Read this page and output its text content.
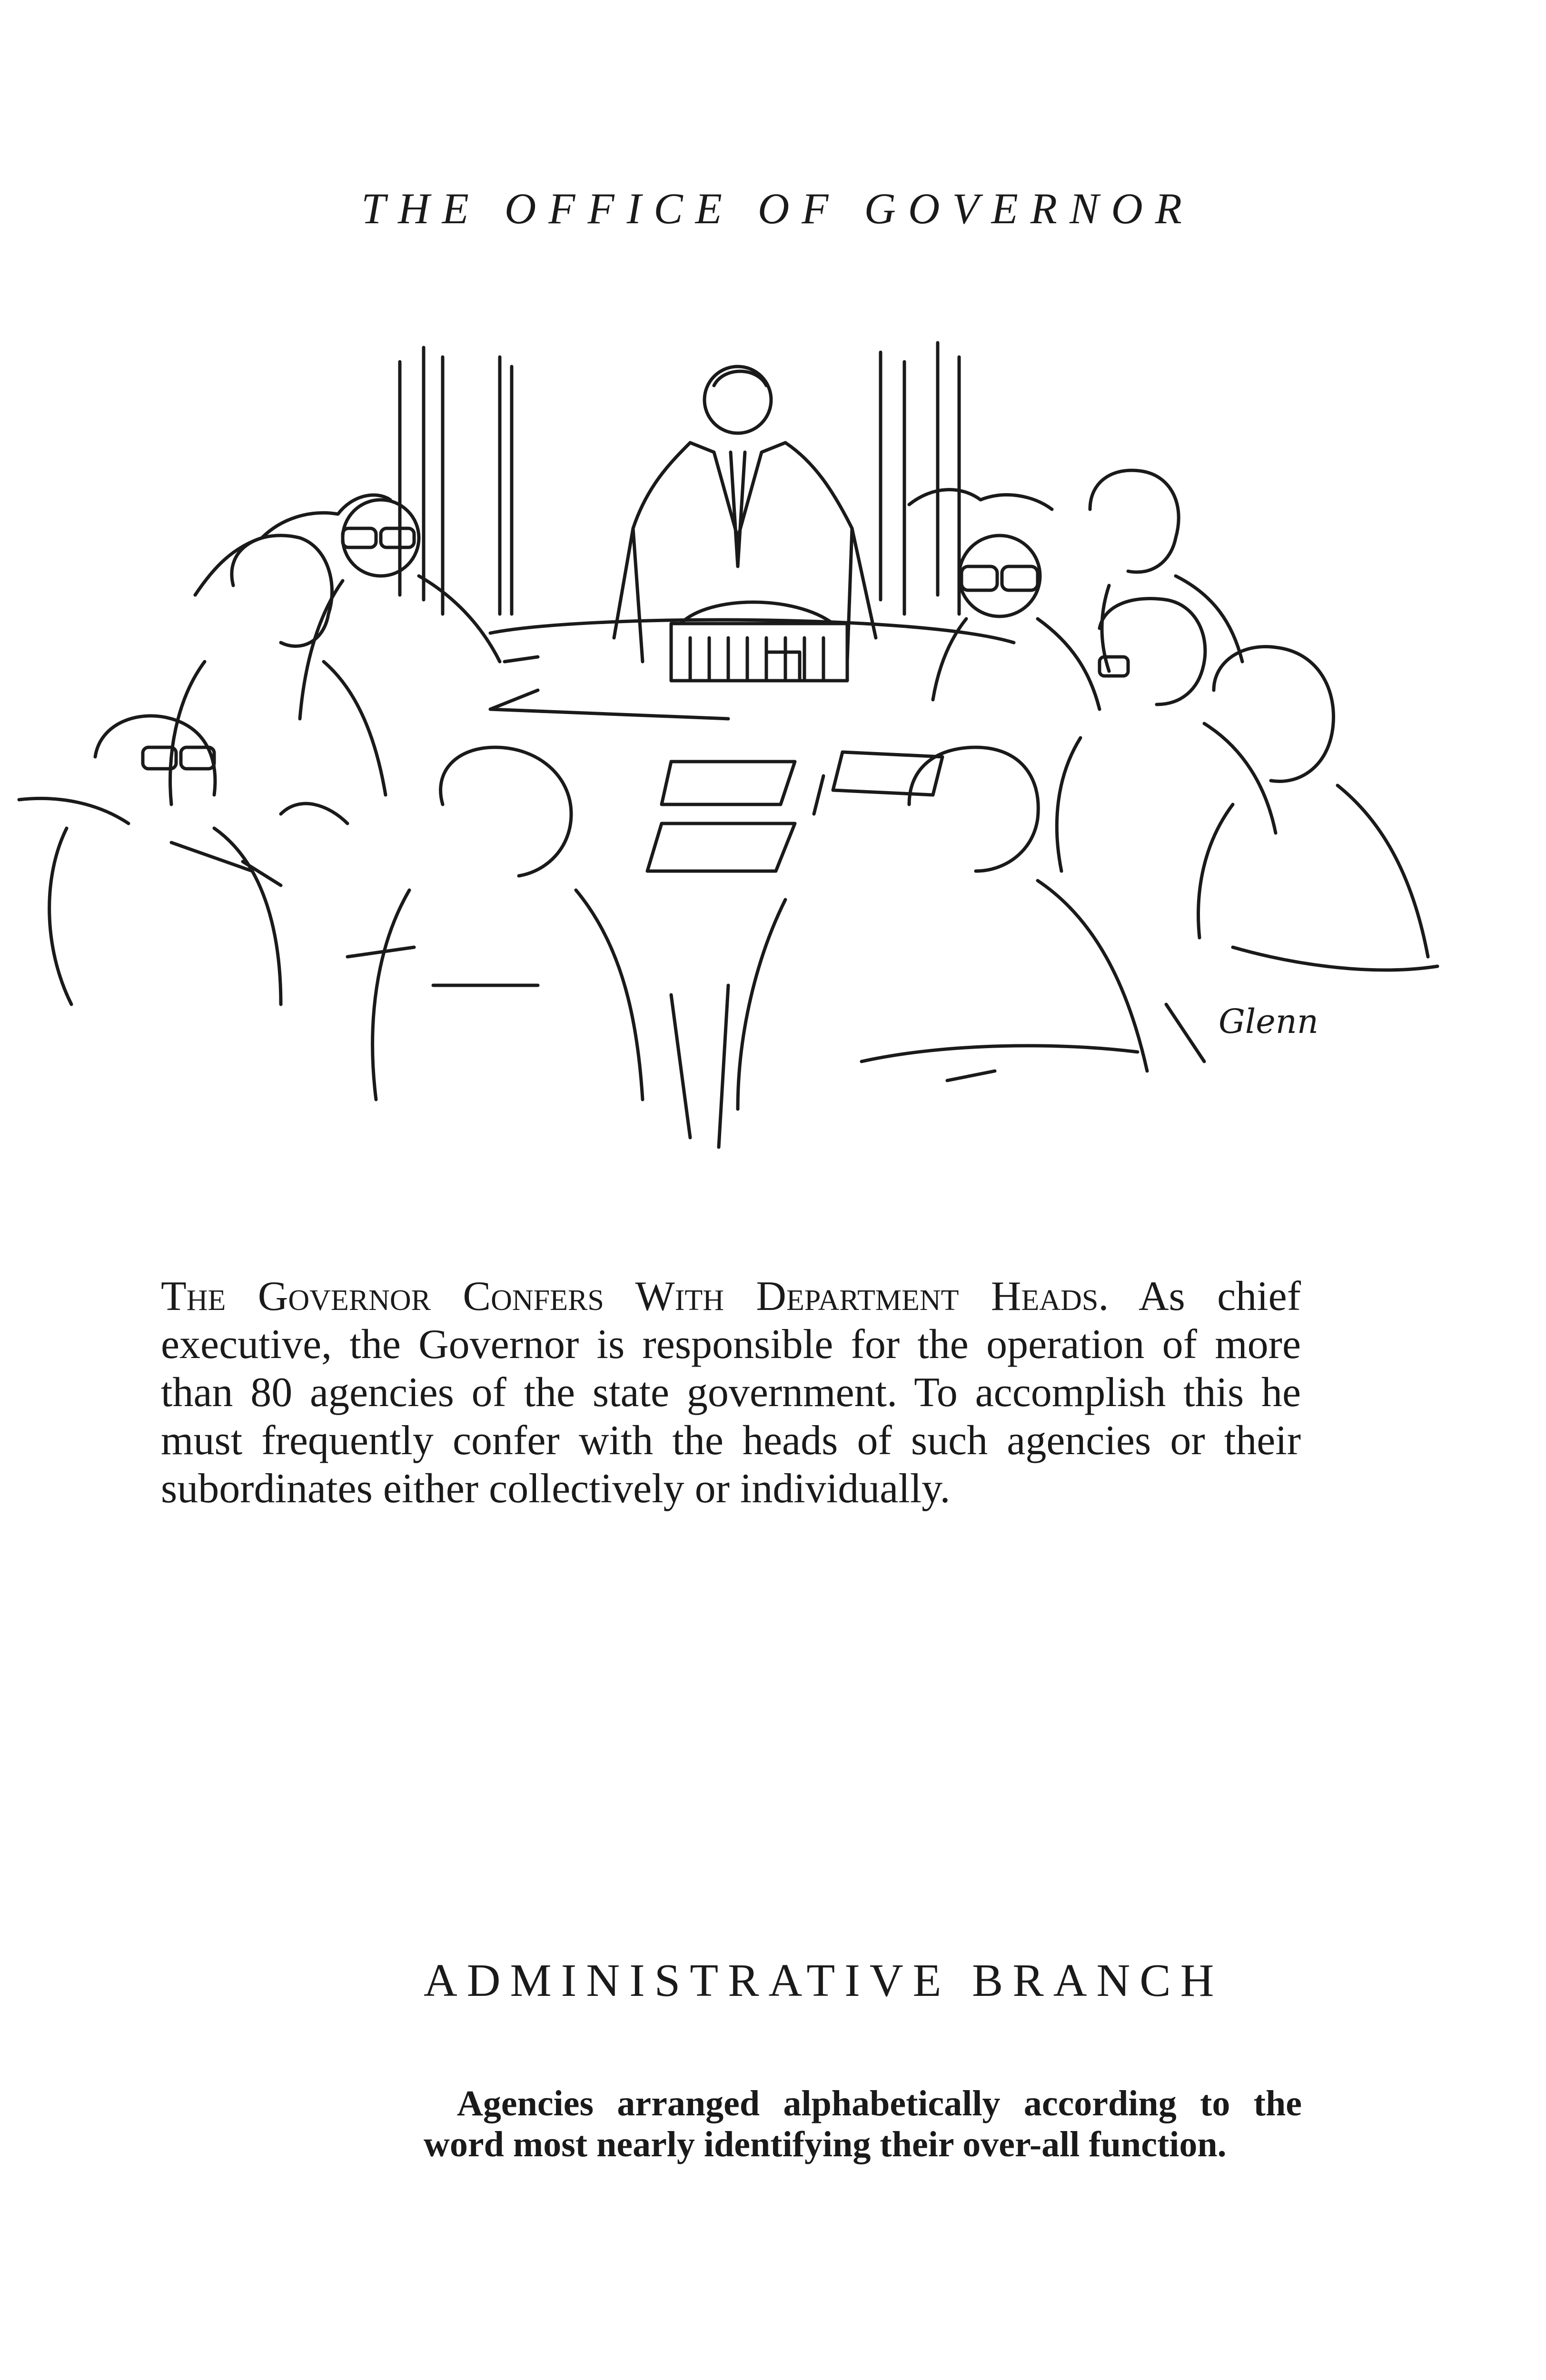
THE OFFICE OF GOVERNOR
Glenn

The Governor Confers With Department Heads. As chief executive, the Governor is responsible for the operation of more than 80 agencies of the state government. To accomplish this he must frequently confer with the heads of such agencies or their subordinates either collectively or individually.

ADMINISTRATIVE BRANCH

Agencies arranged alphabetically according to the word most nearly identifying their over-all function.
